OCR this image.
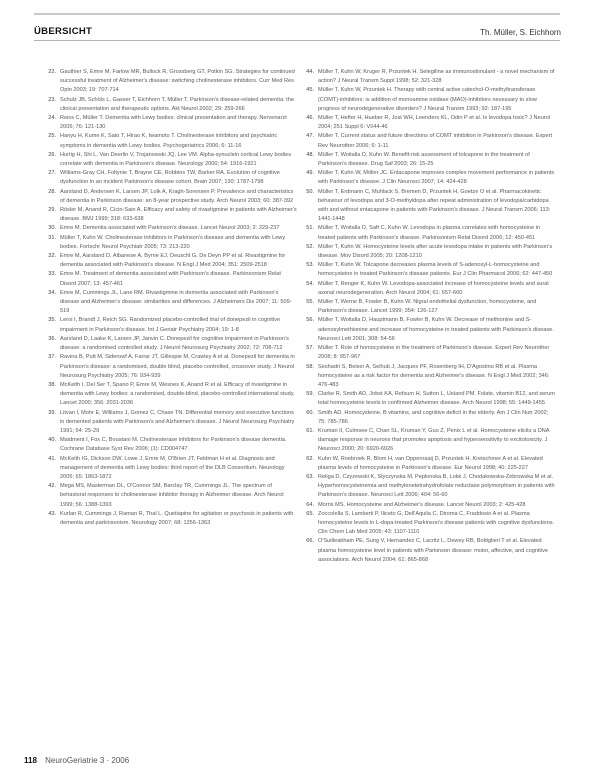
ÜBERSICHT	Th. Müller, S. Eichhorn
22. Gauthier S, Emre M, Farlow MR, Bullock R, Grossberg GT, Potkin SG. Strategies for continued successful treatment of Alzheimer's disease: switching cholinesterase inhibitors. Curr Med Res Opin 2003; 19: 707-714
23. Schulz JB, Schöls L, Gasser T, Eichhorn T, Müller T. Parkinson's disease-related dementia: the clinical presentation and therapeutic options. Akt Neurol 2002; 29: 259-266
24. Reiss C, Müller T. Dementia with Lewy bodies: clinical presentation and therapy. Nervenarzt 2005; 76: 121-130
25. Hanyu H, Kume K, Sato T, Hirao K, Iwamoto T. Cholinesterase inhibitors and psychiatric symptoms in dementia with Lewy bodies. Psychogeriatrics 2006; 6: 11-16
26. Hurtig H, Shi L, Van Deerlin V, Trojanowski JQ, Lee VM. Alpha-synuclein cortical Lewy bodies correlate with dementia in Parkinson's disease. Neurology 2000; 54: 1916-1921
27. Williams-Gray CH, Foltynie T, Brayne CE, Robbins TW, Barker RA. Evolution of cognitive dysfunction in an incident Parkinson's disease cohort. Brain 2007; 130: 1787-1798
28. Aarsland D, Andersen K, Larsen JP, Lolk A, Kragh-Sorensen P. Prevalence and characteristics of dementia in Parkinson disease: an 8-year prospective study. Arch Neurol 2003; 60: 387-392
29. Rösler M, Anand R, Cicin-Sain A. Efficacy and safety of rivastigmine in patients with Alzheimer's disease. BMJ 1999; 318: 633-638
30. Emre M. Dementia associated with Parkinson's disease. Lancet Neurol 2003; 2: 229-237
31. Müller T, Kuhn W. Cholinesterase inhibitors in Parkinson's disease and dementia with Lewy bodies. Fortschr Neurol Psychiatr 2005; 73: 213-220
32. Emre M, Aarsland D, Albanese A, Byrne EJ, Deuschl G, De Deyn PP et al. Rivastigmine for dementia associated with Parkinson's disease. N Engl J Med 2004; 351: 2509-2518
33. Emre M. Treatment of dementia associated with Parkinson's disease. Parkinsonism Relat Disord 2007; 13: 457-461
34. Emre M, Cummings JL, Lane RM. Rivastigmine in dementia associated with Parkinson's disease and Alzheimer's disease: similarities and differences. J Alzheimers Dis 2007; 11: 509-519
35. Leroi I, Brandt J, Reich SG. Randomized placebo-controlled trial of donepezil in cognitive impairment in Parkinson's disease. Int J Geriatr Psychiatry 2004; 19: 1-8
36. Aarsland D, Laake K, Larsen JP, Janvin C. Donepezil for cognitive impairment in Parkinson's disease: a randomised controlled study. J Neurol Neurosurg Psychiatry 2002; 72: 708-712
37. Ravina B, Putt M, Siderowf A, Farrar JT, Gillespie M, Crawley A et al. Donepezil for dementia in Parkinson's disease: a randomised, double blind, placebo controlled, crossover study. J Neurol Neurosurg Psychiatry 2005; 76: 934-939
38. McKeith I, Del Ser T, Spano P, Emre M, Wesnes K, Anand R et al. Efficacy of rivastigmine in dementia with Lewy bodies: a randomised, double-blind, placebo-controlled international study. Lancet 2000; 356: 2031-2036
39. Litvan I, Mohr E, Williams J, Gomez C, Chase TN. Differential memory and executive functions in demented patients with Parkinson's and Alzheimer's disease. J Neurol Neurosurg Psychiatry 1991; 54: 25-29
40. Maidment I, Fox C, Boustani M. Cholinesterase inhibitors for Parkinson's disease dementia. Cochrane Database Syst Rev 2006; (1): CD004747
41. McKeith IG, Dickson DW, Lowe J, Emre M, O'Brien JT, Feldman H et al. Diagnosis and management of dementia with Lewy bodies: third report of the DLB Consortium. Neurology 2005; 65: 1863-1872
42. Mega MS, Masterman DL, O'Connor SM, Barclay TR, Cummings JL. The spectrum of behavioral responses to cholinesterase inhibitor therapy in Alzheimer disease. Arch Neurol 1999; 56: 1388-1393
43. Kurlan R, Cummings J, Raman R, Thal L. Quetiapine for agitation or psychosis in patients with dementia and parkinsonism. Neurology 2007; 68: 1356-1363
44. Müller T, Kuhn W, Kruger R, Przuntek H. Selegiline as immunostimulant - a novel mechanism of action? J Neural Transm Suppl 1998; 52: 321-328
45. Müller T, Kuhn W, Przuntek H. Therapy with central active catechol-O-methyltransferase (COMT)-inhibitors: is addition of monoamine oxidase (MAO)-inhibitors necessary to slow progress of neurodegenerative disorders? J Neural Transm 1993; 92: 187-195
46. Müller T, Hefter H, Hueber R, Jost WH, Leenders KL, Odin P et al. Is levodopa toxic? J Neurol 2004; 251 Suppl 6: VI/44-46
47. Müller T. Current status and future directions of COMT inhibition in Parkinson's disease. Expert Rev Neurother 2006; 6: 1-11
48. Müller T, Woitalla D, Kuhn W. Benefit-risk assessment of tolcapone in the treatment of Parkinson's disease. Drug Saf 2003; 26: 15-25
49. Müller T, Kuhn W, Möller JC. Entacapone improves complex movement performance in patients with Parkinson's disease. J Clin Neurosci 2007; 14: 424-428
50. Müller T, Erdmann C, Muhlack S, Bremen D, Przuntek H, Goetze O et al. Pharmacokinetic behaviour of levodopa and 3-O-methyldopa after repeat administration of levodopa/carbidopa with and without entacapone in patients with Parkinson's disease. J Neural Transm 2006; 113: 1441-1448
51. Müller T, Woitalla D, Saft C, Kuhn W. Levodopa in plasma correlates with homocysteine in treated patients with Parkinson's disease. Parkinsonism Relat Disord 2006; 12: 450-451
52. Müller T, Kuhn W. Homocysteine levels after acute levodopa intake in patients with Parkinson's disease. Mov Disord 2005; 20: 1208-1210
53. Müller T, Kuhn W. Tolcapone decreases plasma levels of S-adenosyl-L-homocysteine and homocysteine in treated Parkinson's disease patients. Eur J Clin Pharmacol 2006; 62: 447-450
54. Müller T, Renger K, Kuhn W. Levodopa-associated increase of homocysteine levels and sural axonal neurodegeneration. Arch Neurol 2004; 61: 657-660
55. Müller T, Werne B, Fowler B, Kuhn W. Nigral endothelial dysfunction, homocysteine, and Parkinson's disease. Lancet 1999; 354: 126-127
56. Müller T, Woitalla D, Hauptmann B, Fowler B, Kuhn W. Decrease of methionine and S-adenosylmethionine and increase of homocysteine in treated patients with Parkinson's disease. Neurosci Lett 2001; 308: 54-56
57. Müller T. Role of homocysteine in the treatment of Parkinson's disease. Expert Rev Neurother 2008; 8: 957-967
58. Seshadri S, Beiser A, Selhub J, Jacques PF, Rosenberg IH, D'Agostino RB et al. Plasma homocysteine as a risk factor for dementia and Alzheimer's disease. N Engl J Med 2002; 346: 476-483
59. Clarke R, Smith AD, Jobst KA, Refsum H, Sutton L, Ueland PM. Folate, vitamin B12, and serum total homocysteine levels in confirmed Alzheimer disease. Arch Neurol 1998; 55: 1449-1455
60. Smith AD. Homocysteine, B vitamins, and cognitive deficit in the elderly. Am J Clin Nutr 2002; 75: 785-786
61. Kruman II, Culmsee C, Chan SL, Kruman Y, Guo Z, Penix L et al. Homocysteine elicits a DNA damage response in neurons that promotes apoptosis and hypersensitivity to excitotoxicity. J Neurosci 2000; 20: 6920-6926
62. Kuhn W, Roebroek R, Blom H, van Oppenraaij D, Przuntek H, Kretschmer A et al. Elevated plasma levels of homocysteine in Parkinson's disease. Eur Neurol 1998; 40: 225-227
63. Religa D, Czyzewski K, Styczynska M, Peplonska B, Lokk J, Chodakowska-Zebrowska M et al. Hyperhomocysteinemia and methylenetetrahydrofolate reductase polymorphism in patients with Parkinson's disease. Neurosci Lett 2006; 404: 56-60
64. Morris MS. Homocysteine and Alzheimer's disease. Lancet Neurol 2003; 2: 425-428
65. Zoccolella S, Lamberti P, Iliceto G, Dell'Aquila C, Diroma C, Fraddosio A et al. Plasma homocysteine levels in L-dopa-treated Parkinson's disease patients with cognitive dysfunctions. Clin Chem Lab Med 2005; 43: 1107-1110
66. O'Suilleabhain PE, Sung V, Hernandez C, Lacritz L, Dewey RB, Bottiglieri T et al. Elevated plasma homocysteine level in patients with Parkinson disease: motor, affective, and cognitive associations. Arch Neurol 2004; 61: 865-868
118 NeuroGeriatrie 3 · 2006
